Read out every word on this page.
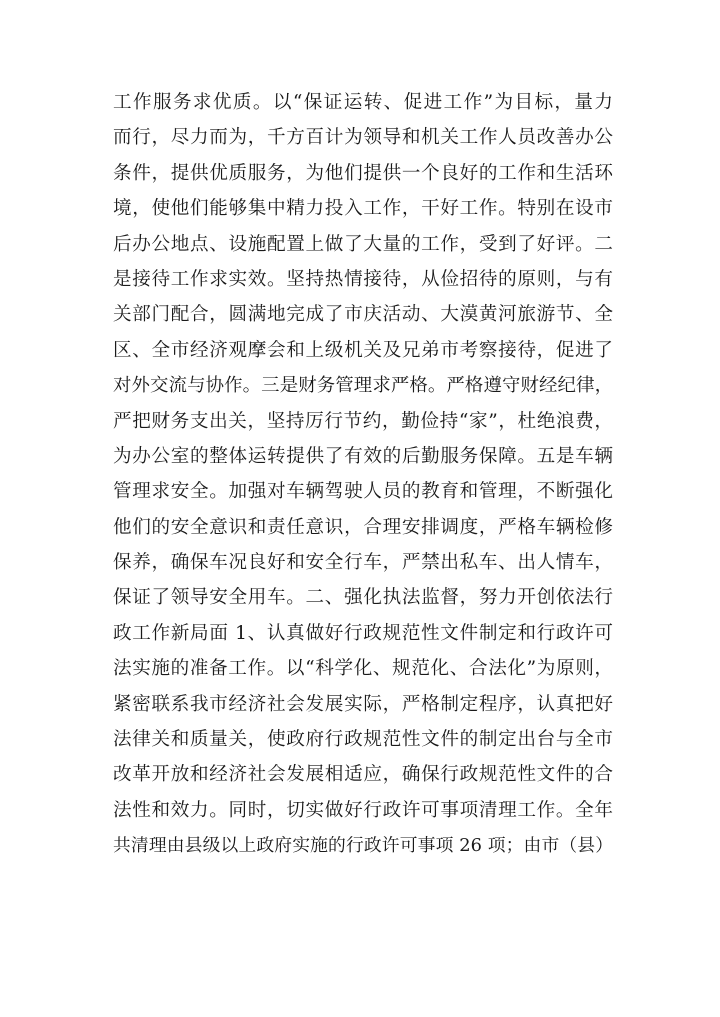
工作服务求优质。以“保证运转、促进工作”为目标，量力
而行，尽力而为，千方百计为领导和机关工作人员改善办公
条件，提供优质服务，为他们提供一个良好的工作和生活环
境，使他们能够集中精力投入工作，干好工作。特别在设市
后办公地点、设施配置上做了大量的工作，受到了好评。二
是接待工作求实效。坚持热情接待，从俭招待的原则，与有
关部门配合，圆满地完成了市庆活动、大漠黄河旅游节、全
区、全市经济观摩会和上级机关及兄弟市考察接待，促进了
对外交流与协作。三是财务管理求严格。严格遵守财经纪律，
严把财务支出关，坚持厉行节约，勤俭持“家”，杜绝浪费，
为办公室的整体运转提供了有效的后勤服务保障。五是车辆
管理求安全。加强对车辆驾驶人员的教育和管理，不断强化
他们的安全意识和责任意识，合理安排调度，严格车辆检修
保养，确保车况良好和安全行车，严禁出私车、出人情车，
保证了领导安全用车。二、强化执法监督，努力开创依法行
政工作新局面 1、认真做好行政规范性文件制定和行政许可
法实施的准备工作。以“科学化、规范化、合法化”为原则，
紧密联系我市经济社会发展实际，严格制定程序，认真把好
法律关和质量关，使政府行政规范性文件的制定出台与全市
改革开放和经济社会发展相适应，确保行政规范性文件的合
法性和效力。同时，切实做好行政许可事项清理工作。全年
共清理由县级以上政府实施的行政许可事项 26 项；由市（县）
